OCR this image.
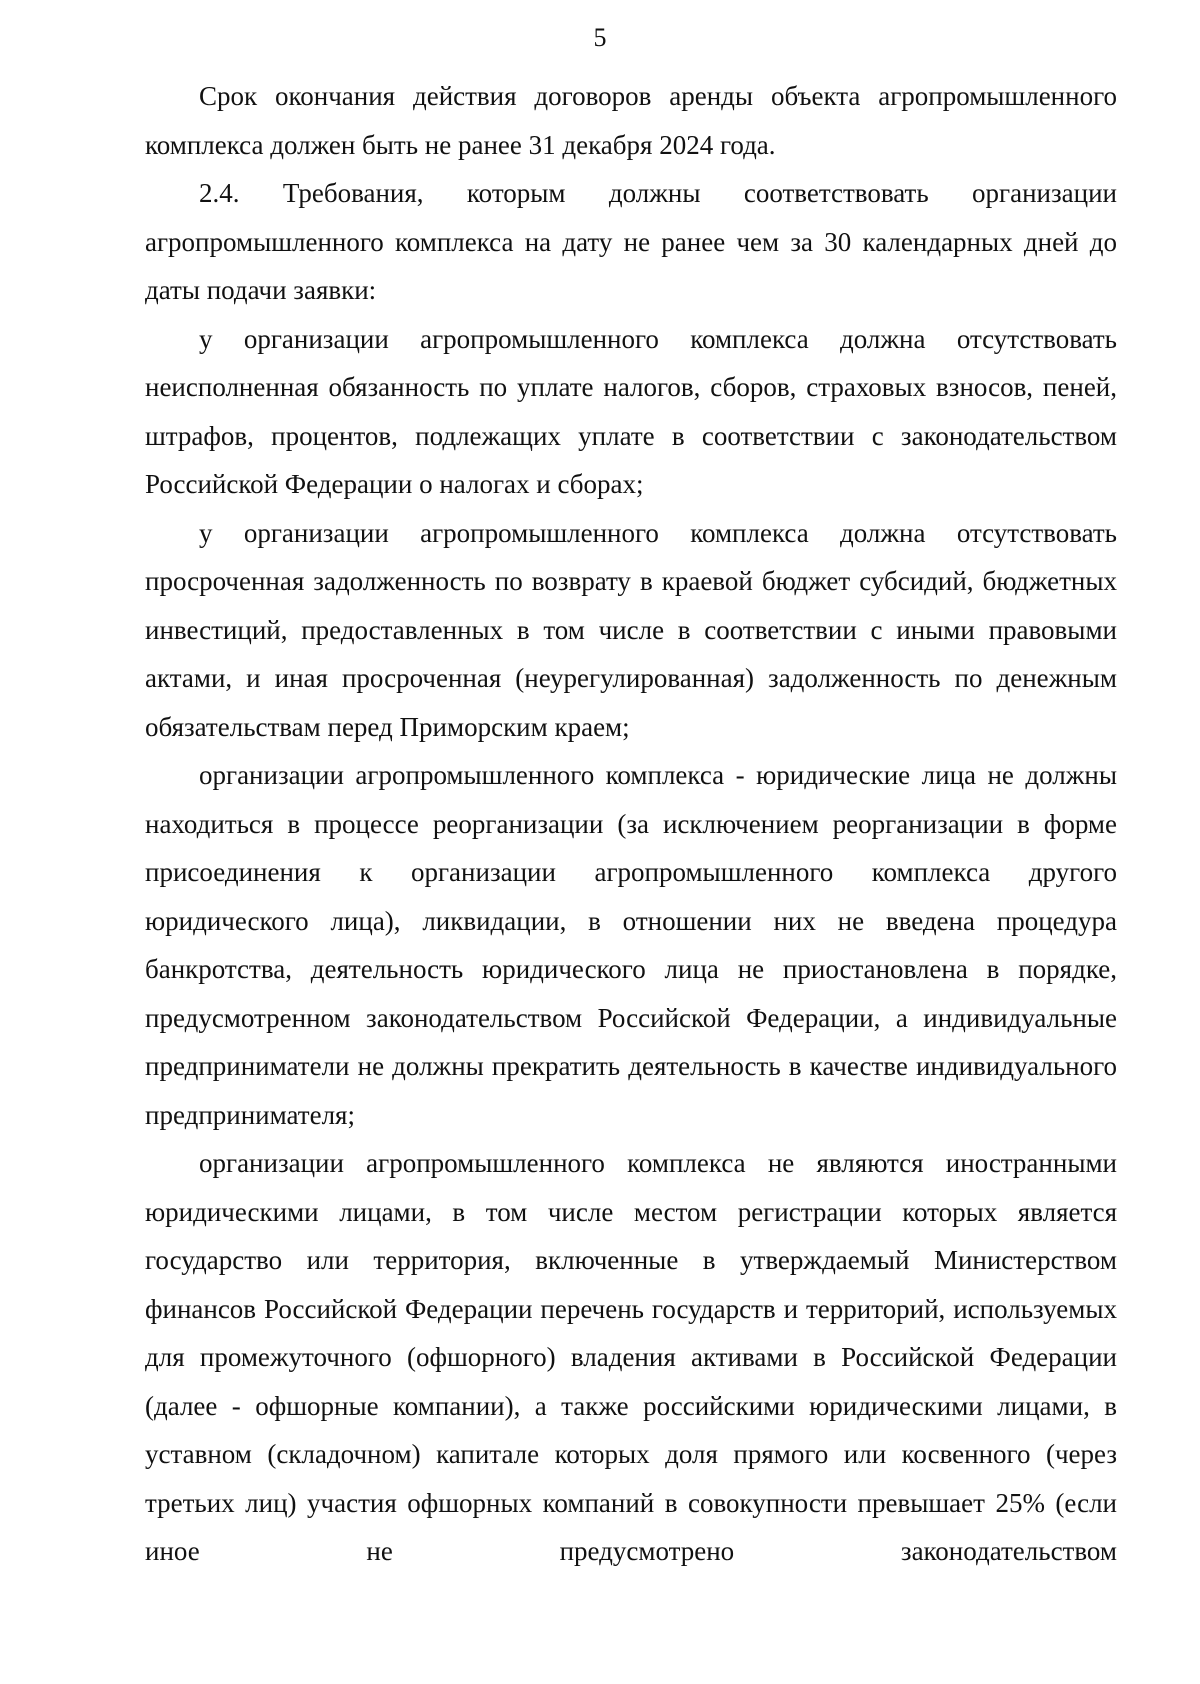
5

Срок окончания действия договоров аренды объекта агропромышленного комплекса должен быть не ранее 31 декабря 2024 года.

2.4. Требования, которым должны соответствовать организации агропромышленного комплекса на дату не ранее чем за 30 календарных дней до даты подачи заявки:

у организации агропромышленного комплекса должна отсутствовать неисполненная обязанность по уплате налогов, сборов, страховых взносов, пеней, штрафов, процентов, подлежащих уплате в соответствии с законодательством Российской Федерации о налогах и сборах;

у организации агропромышленного комплекса должна отсутствовать просроченная задолженность по возврату в краевой бюджет субсидий, бюджетных инвестиций, предоставленных в том числе в соответствии с иными правовыми актами, и иная просроченная (неурегулированная) задолженность по денежным обязательствам перед Приморским краем;

организации агропромышленного комплекса - юридические лица не должны находиться в процессе реорганизации (за исключением реорганизации в форме присоединения к организации агропромышленного комплекса другого юридического лица), ликвидации, в отношении них не введена процедура банкротства, деятельность юридического лица не приостановлена в порядке, предусмотренном законодательством Российской Федерации, а индивидуальные предприниматели не должны прекратить деятельность в качестве индивидуального предпринимателя;

организации агропромышленного комплекса не являются иностранными юридическими лицами, в том числе местом регистрации которых является государство или территория, включенные в утверждаемый Министерством финансов Российской Федерации перечень государств и территорий, используемых для промежуточного (офшорного) владения активами в Российской Федерации (далее - офшорные компании), а также российскими юридическими лицами, в уставном (складочном) капитале которых доля прямого или косвенного (через третьих лиц) участия офшорных компаний в совокупности превышает 25% (если иное не предусмотрено законодательством
